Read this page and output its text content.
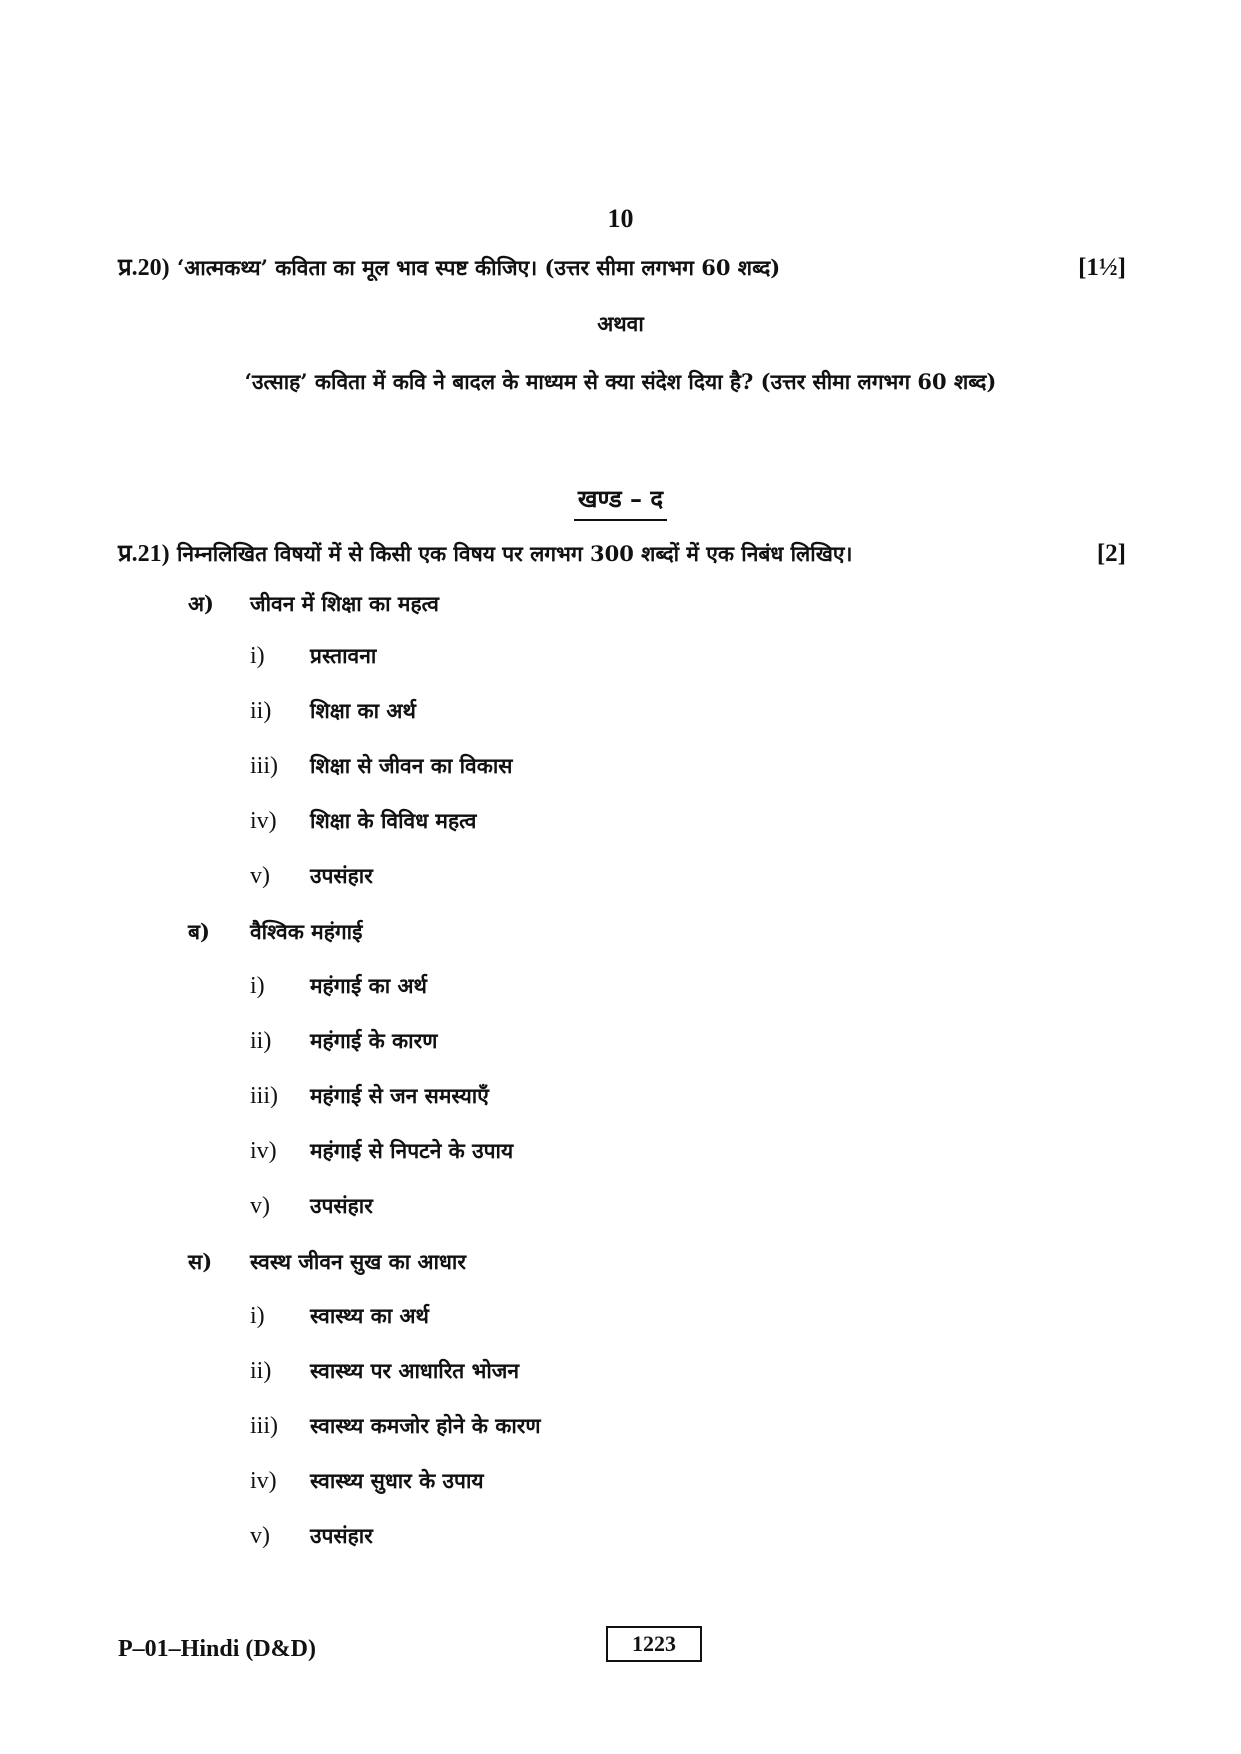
10
प्र.20) ‘आत्मकथ्य’ कविता का मूल भाव स्पष्ट कीजिए। (उत्तर सीमा लगभग 60 शब्द)	[1½]
अथवा
‘उत्साह’ कविता में कवि ने बादल के माध्यम से क्या संदेश दिया है? (उत्तर सीमा लगभग 60 शब्द)
खण्ड – द
प्र.21) निम्नलिखित विषयों में से किसी एक विषय पर लगभग 300 शब्दों में एक निबंध लिखिए।	[2]
अ)	जीवन में शिक्षा का महत्व
i)	प्रस्तावना
ii)	शिक्षा का अर्थ
iii)	शिक्षा से जीवन का विकास
iv)	शिक्षा के विविध महत्व
v)	उपसंहार
ब)	वैश्विक महंगाई
i)	महंगाई का अर्थ
ii)	महंगाई के कारण
iii)	महंगाई से जन समस्याएँ
iv)	महंगाई से निपटने के उपाय
v)	उपसंहार
स)	स्वस्थ जीवन सुख का आधार
i)	स्वास्थ्य का अर्थ
ii)	स्वास्थ्य पर आधारित भोजन
iii)	स्वास्थ्य कमजोर होने के कारण
iv)	स्वास्थ्य सुधार के उपाय
v)	उपसंहार
P–01–Hindi (D&D)	1223
